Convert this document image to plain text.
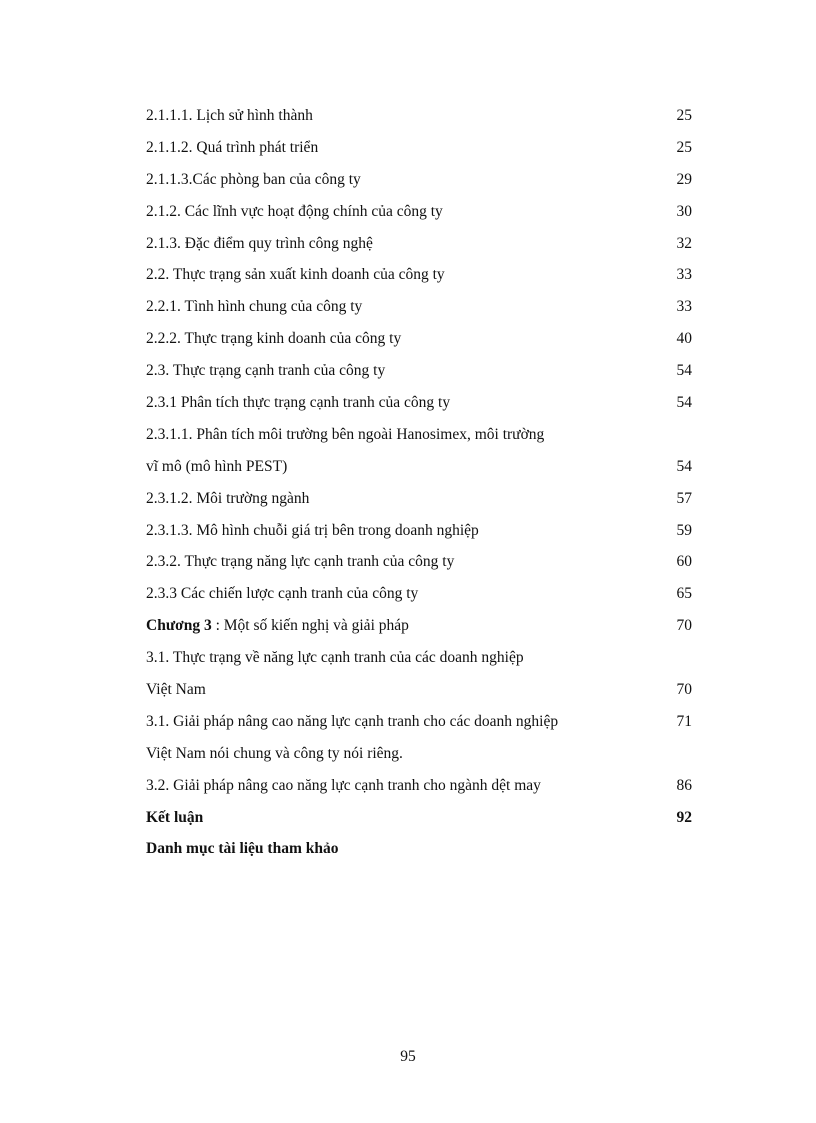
2.1.1.1. Lịch sử hình thành	25
2.1.1.2. Quá trình phát triển	25
2.1.1.3.Các phòng ban của công ty	29
2.1.2. Các lĩnh vực hoạt động chính của công ty	30
2.1.3. Đặc điểm quy trình công nghệ	32
2.2. Thực trạng sản xuất kinh doanh của công ty	33
2.2.1. Tình hình chung của công ty	33
2.2.2. Thực trạng kinh doanh của công ty	40
2.3. Thực trạng cạnh tranh của công ty	54
2.3.1 Phân tích thực trạng cạnh tranh của công ty	54
2.3.1.1. Phân tích môi trường bên ngoài Hanosimex, môi trường
vĩ mô (mô hình PEST)	54
2.3.1.2. Môi trường ngành	57
2.3.1.3. Mô hình chuỗi giá trị bên trong doanh nghiệp	59
2.3.2. Thực trạng năng lực cạnh tranh của công ty	60
2.3.3 Các chiến lược cạnh tranh của công ty	65
Chương 3 : Một số kiến nghị và giải pháp	70
3.1. Thực trạng về năng lực cạnh tranh của các doanh nghiệp
Việt Nam	70
3.1. Giải pháp nâng cao năng lực cạnh tranh cho các doanh nghiệp	71
Việt Nam nói chung và công ty nói riêng.
3.2. Giải pháp nâng cao năng lực cạnh tranh cho ngành dệt may	86
Kết luận	92
Danh mục tài liệu tham khảo
95
